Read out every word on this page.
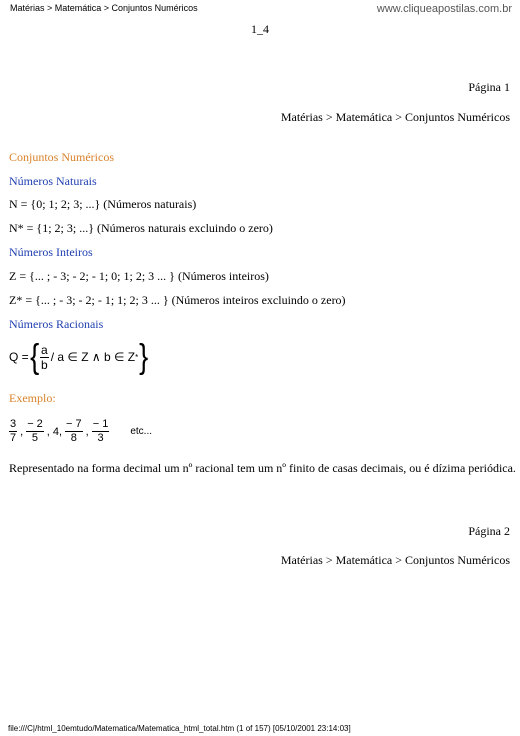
Matérias > Matemática > Conjuntos Numéricos	www.cliqueapostilas.com.br
1_4
Página 1
Matérias > Matemática > Conjuntos Numéricos
Conjuntos Numéricos
Números Naturais
N = {0; 1; 2; 3; ...} (Números naturais)
N* = {1; 2; 3; ...} (Números naturais excluindo o zero)
Números Inteiros
Z = {... ; - 3; - 2; - 1; 0; 1; 2; 3 ... } (Números inteiros)
Z* = {... ; - 3; - 2; - 1; 1; 2; 3 ... } (Números inteiros excluindo o zero)
Números Racionais
Q = { $\frac{a}{b}$ / a ∈ Z ∧ b ∈ Z * }
Exemplo:
$\frac{3}{7}$ , $\frac{- 2}{5}$ , 4, $\frac{- 7}{8}$ , $\frac{- 1}{3}$ etc...
Representado na forma decimal um nº racional tem um nº finito de casas decimais, ou é dízima periódica.
Página 2
Matérias > Matemática > Conjuntos Numéricos
file:///C|/html_10emtudo/Matematica/Matematica_html_total.htm (1 of 157) [05/10/2001 23:14:03]
